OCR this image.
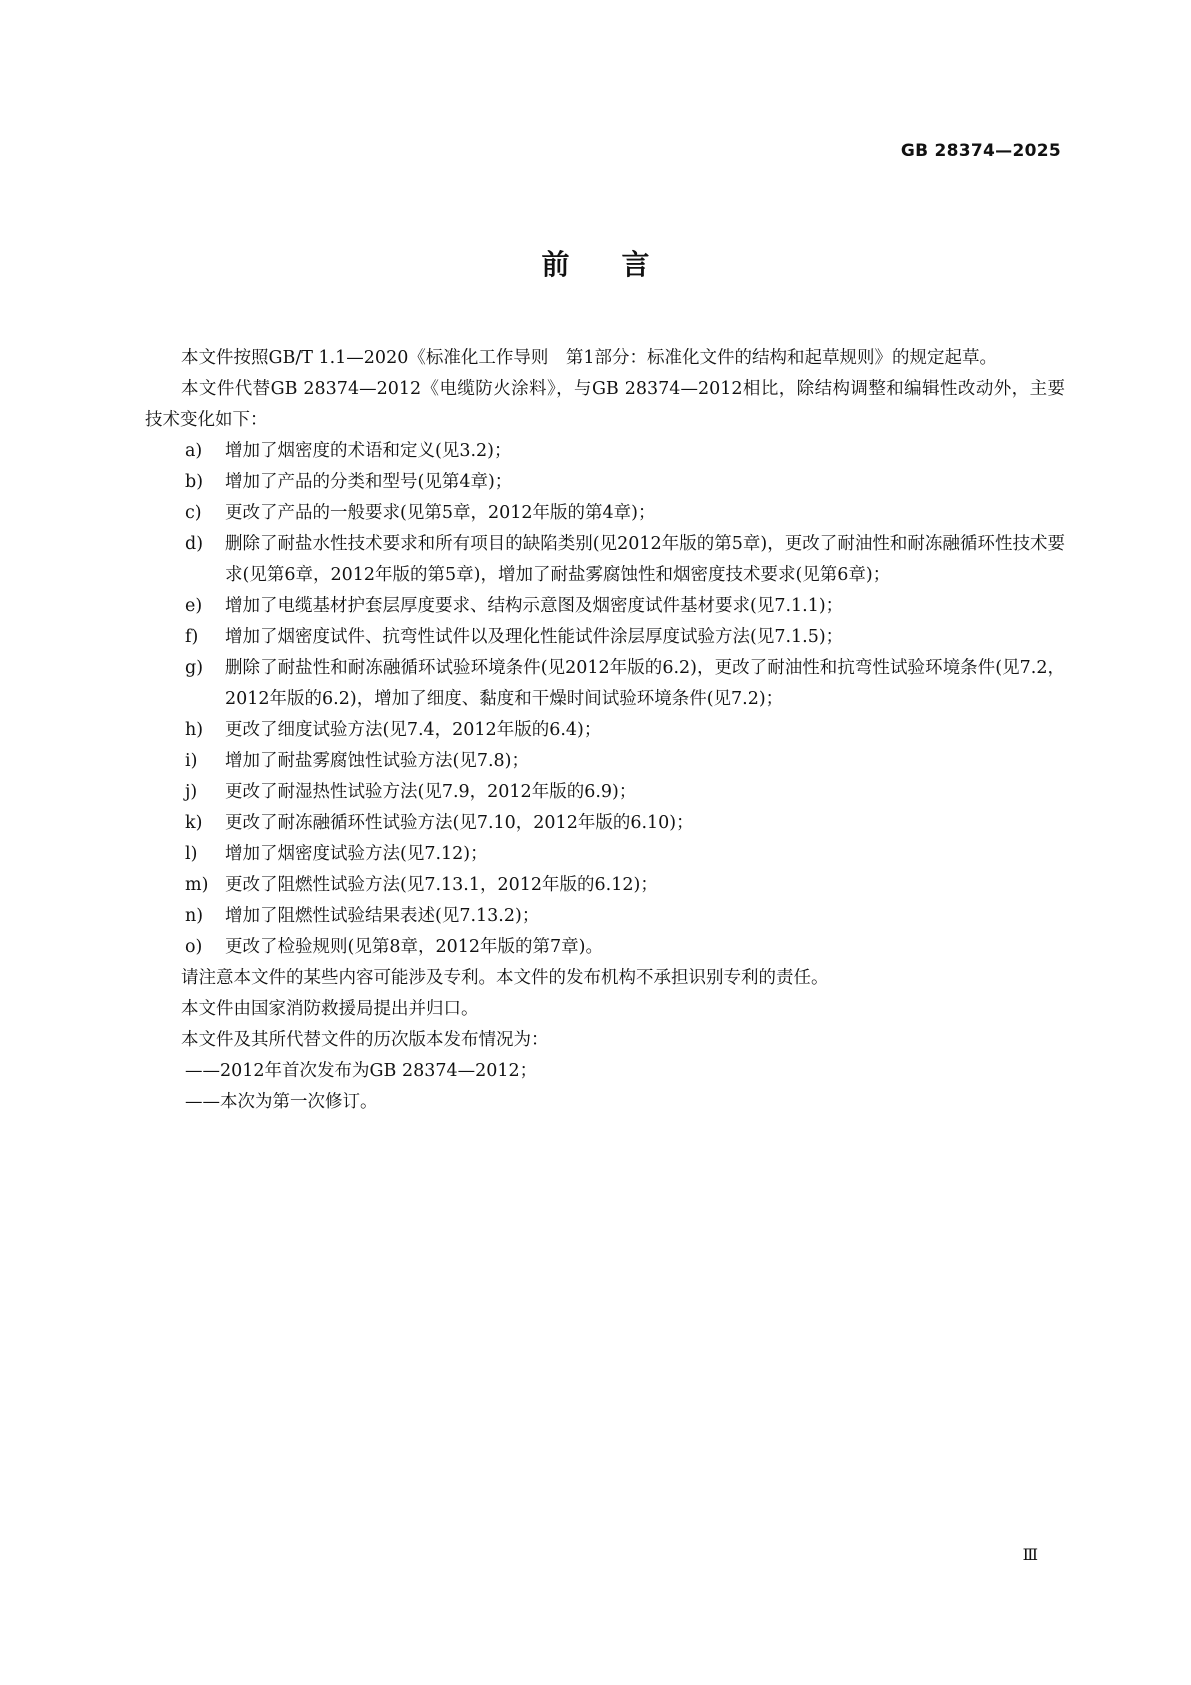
GB 28374—2025
前言

本文件按照GB/T 1.1—2020《标准化工作导则　第1部分：标准化文件的结构和起草规则》的规定起草。

本文件代替GB 28374—2012《电缆防火涂料》，与GB 28374—2012相比，除结构调整和编辑性改动外，主要技术变化如下：

a) 增加了烟密度的术语和定义(见3.2)；
b) 增加了产品的分类和型号(见第4章)；
c) 更改了产品的一般要求(见第5章，2012年版的第4章)；
d) 删除了耐盐水性技术要求和所有项目的缺陷类别(见2012年版的第5章)，更改了耐油性和耐冻融循环性技术要求(见第6章，2012年版的第5章)，增加了耐盐雾腐蚀性和烟密度技术要求(见第6章)；
e) 增加了电缆基材护套层厚度要求、结构示意图及烟密度试件基材要求(见7.1.1)；
f) 增加了烟密度试件、抗弯性试件以及理化性能试件涂层厚度试验方法(见7.1.5)；
g) 删除了耐盐性和耐冻融循环试验环境条件(见2012年版的6.2)，更改了耐油性和抗弯性试验环境条件(见7.2，2012年版的6.2)，增加了细度、黏度和干燥时间试验环境条件(见7.2)；
h) 更改了细度试验方法(见7.4，2012年版的6.4)；
i) 增加了耐盐雾腐蚀性试验方法(见7.8)；
j) 更改了耐湿热性试验方法(见7.9，2012年版的6.9)；
k) 更改了耐冻融循环性试验方法(见7.10，2012年版的6.10)；
l) 增加了烟密度试验方法(见7.12)；
m) 更改了阻燃性试验方法(见7.13.1，2012年版的6.12)；
n) 增加了阻燃性试验结果表述(见7.13.2)；
o) 更改了检验规则(见第8章，2012年版的第7章)。

请注意本文件的某些内容可能涉及专利。本文件的发布机构不承担识别专利的责任。

本文件由国家消防救援局提出并归口。

本文件及其所代替文件的历次版本发布情况为：

——2012年首次发布为GB 28374—2012；

——本次为第一次修订。

Ⅲ
